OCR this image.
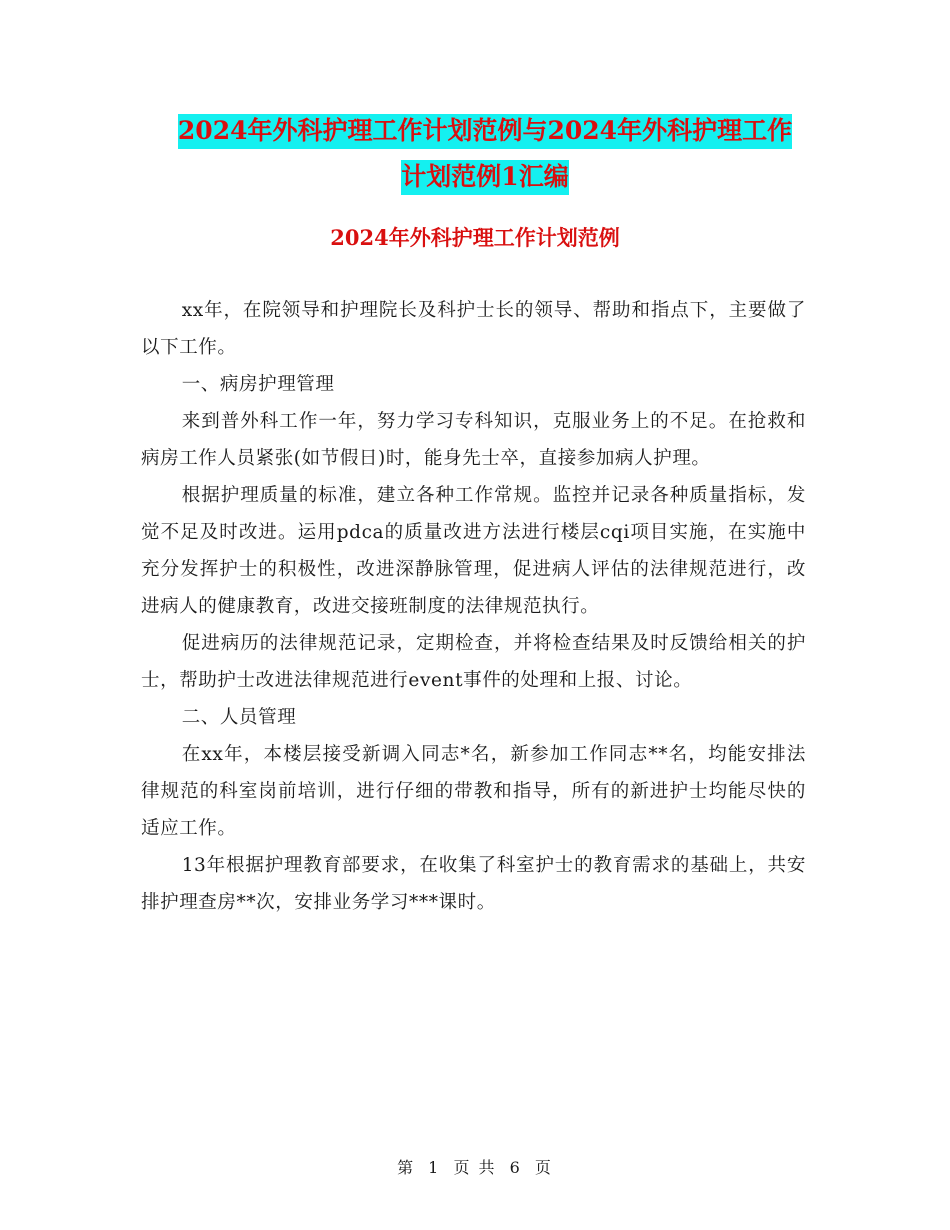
2024年外科护理工作计划范例与2024年外科护理工作
计划范例1汇编
2024年外科护理工作计划范例

xx年，在院领导和护理院长及科护士长的领导、帮助和指点下，主要做了以下工作。

一、病房护理管理

来到普外科工作一年，努力学习专科知识，克服业务上的不足。在抢救和病房工作人员紧张(如节假日)时，能身先士卒，直接参加病人护理。

根据护理质量的标准，建立各种工作常规。监控并记录各种质量指标，发觉不足及时改进。运用pdca的质量改进方法进行楼层cqi项目实施，在实施中充分发挥护士的积极性，改进深静脉管理，促进病人评估的法律规范进行，改进病人的健康教育，改进交接班制度的法律规范执行。

促进病历的法律规范记录，定期检查，并将检查结果及时反馈给相关的护士，帮助护士改进法律规范进行event事件的处理和上报、讨论。

二、人员管理

在xx年，本楼层接受新调入同志*名，新参加工作同志**名，均能安排法律规范的科室岗前培训，进行仔细的带教和指导，所有的新进护士均能尽快的适应工作。

13年根据护理教育部要求，在收集了科室护士的教育需求的基础上，共安排护理查房**次，安排业务学习***课时。

第 1 页 共 6 页
